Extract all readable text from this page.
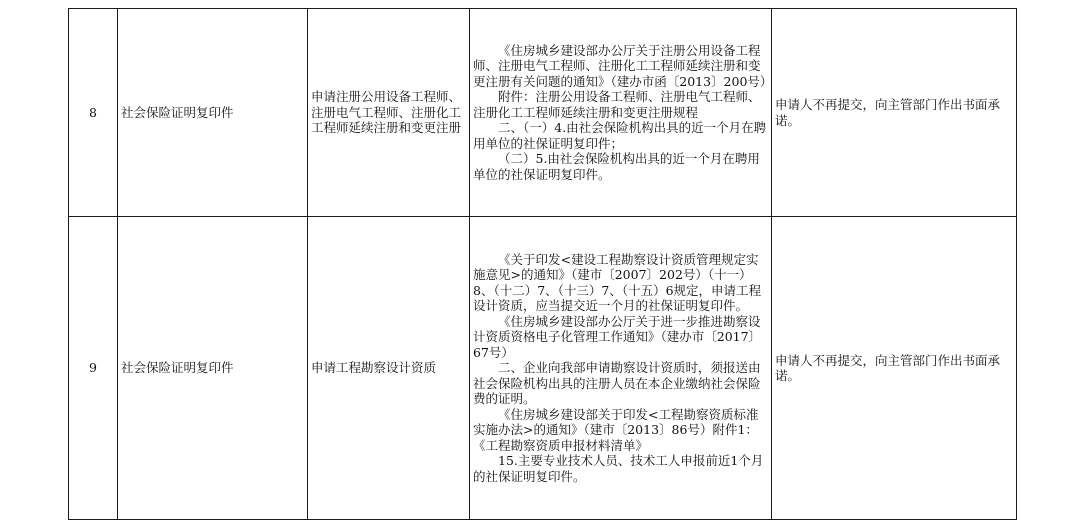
8	社会保险证明复印件	申请注册公用设备工程师、注册电气工程师、注册化工工程师延续注册和变更注册	《住房城乡建设部办公厅关于注册公用设备工程师、注册电气工程师、注册化工工程师延续注册和变更注册有关问题的通知》（建办市函〔2013〕200号）
附件：注册公用设备工程师、注册电气工程师、注册化工工程师延续注册和变更注册规程
二、（一）4.由社会保险机构出具的近一个月在聘用单位的社保证明复印件；
（二）5.由社会保险机构出具的近一个月在聘用单位的社保证明复印件。	申请人不再提交，向主管部门作出书面承诺。
9	社会保险证明复印件	申请工程勘察设计资质	《关于印发<建设工程勘察设计资质管理规定实施意见>的通知》（建市〔2007〕202号）（十一）8、（十二）7、（十三）7、（十五）6规定，申请工程设计资质，应当提交近一个月的社保证明复印件。
《住房城乡建设部办公厅关于进一步推进勘察设计资质资格电子化管理工作通知》（建办市〔2017〕67号）
二、企业向我部申请勘察设计资质时，须报送由社会保险机构出具的注册人员在本企业缴纳社会保险费的证明。
《住房城乡建设部关于印发<工程勘察资质标准实施办法>的通知》（建市〔2013〕86号）附件1：《工程勘察资质申报材料清单》
15.主要专业技术人员、技术工人申报前近1个月的社保证明复印件。	申请人不再提交，向主管部门作出书面承诺。
